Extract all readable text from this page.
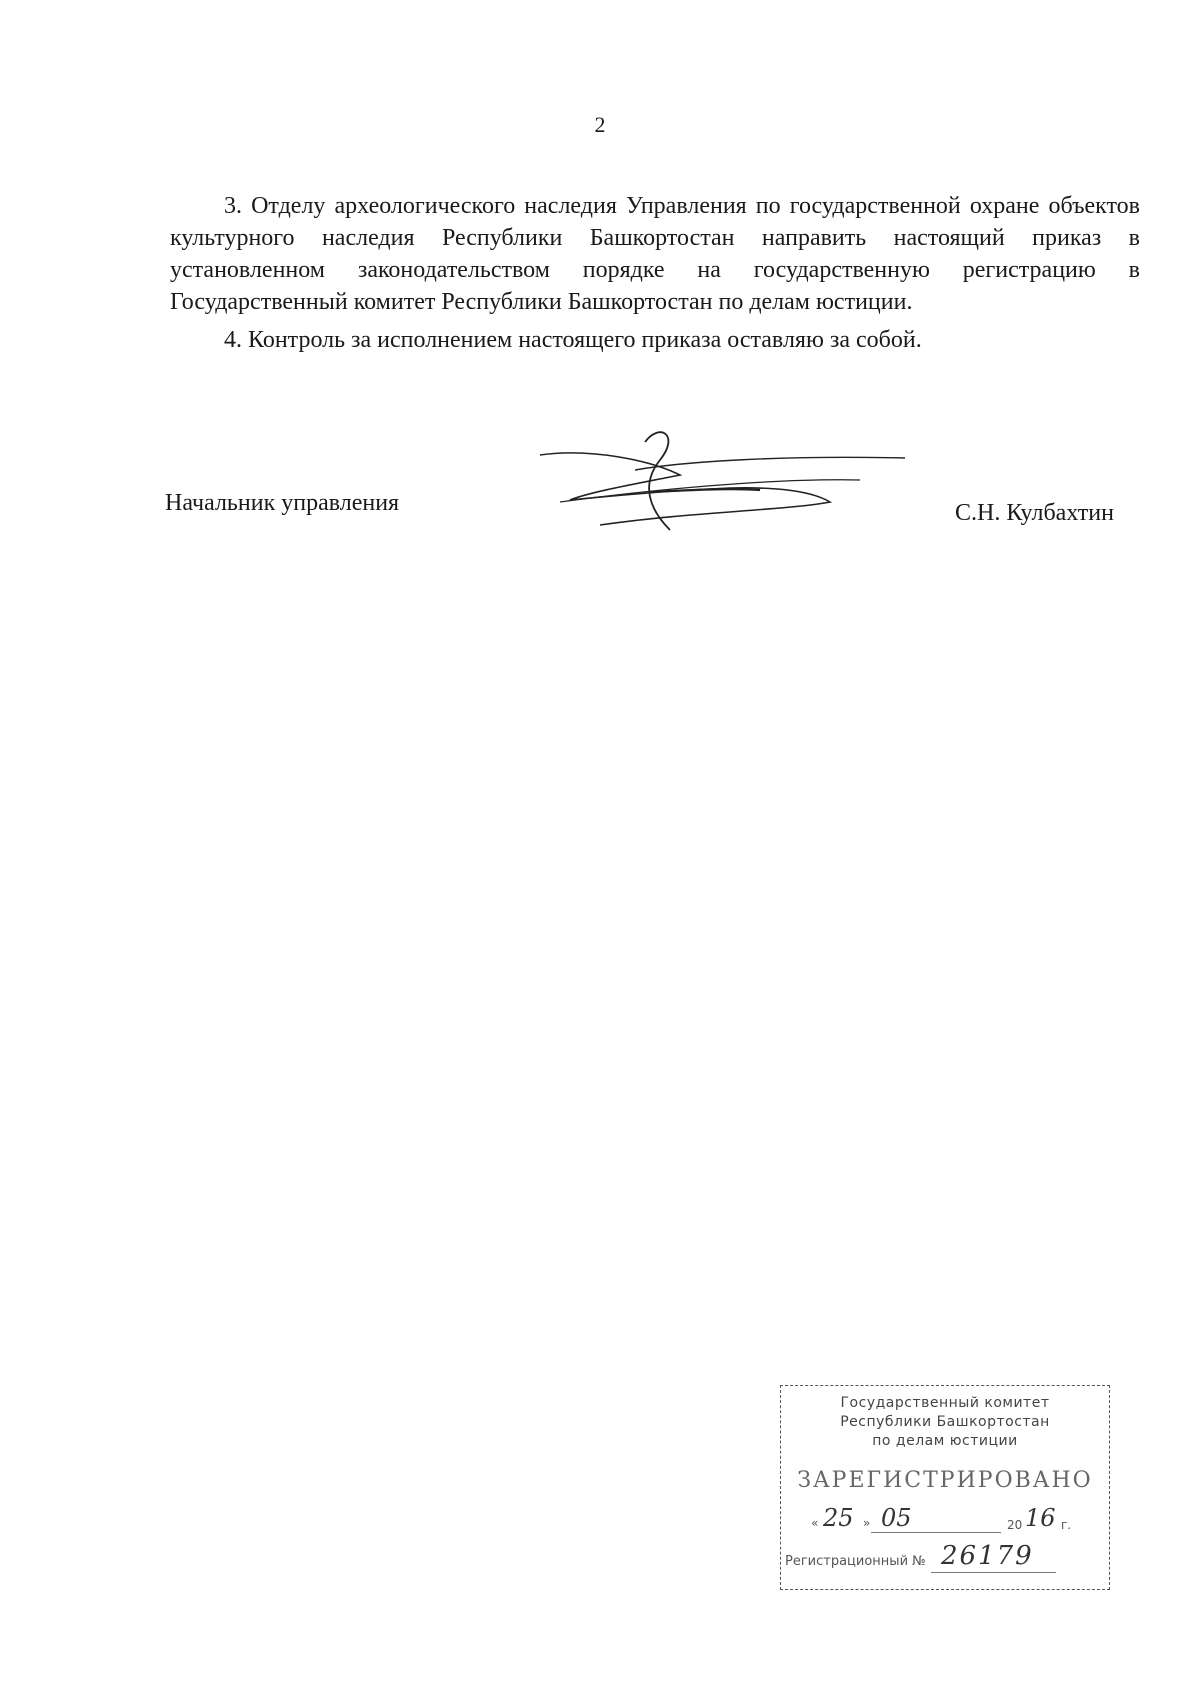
2

3. Отделу археологического наследия Управления по государственной охране объектов культурного наследия Республики Башкортостан направить настоящий приказ в установленном законодательством порядке на государственную регистрацию в Государственный комитет Республики Башкортостан по делам юстиции.

4. Контроль за исполнением настоящего приказа оставляю за собой.

Начальник управления	С.Н. Кулбахтин
Государственный комитет
Республики Башкортостан
по делам юстиции
ЗАРЕГИСТРИРОВАНО
« 25 » 05	20 16 г.
Регистрационный № 26179
